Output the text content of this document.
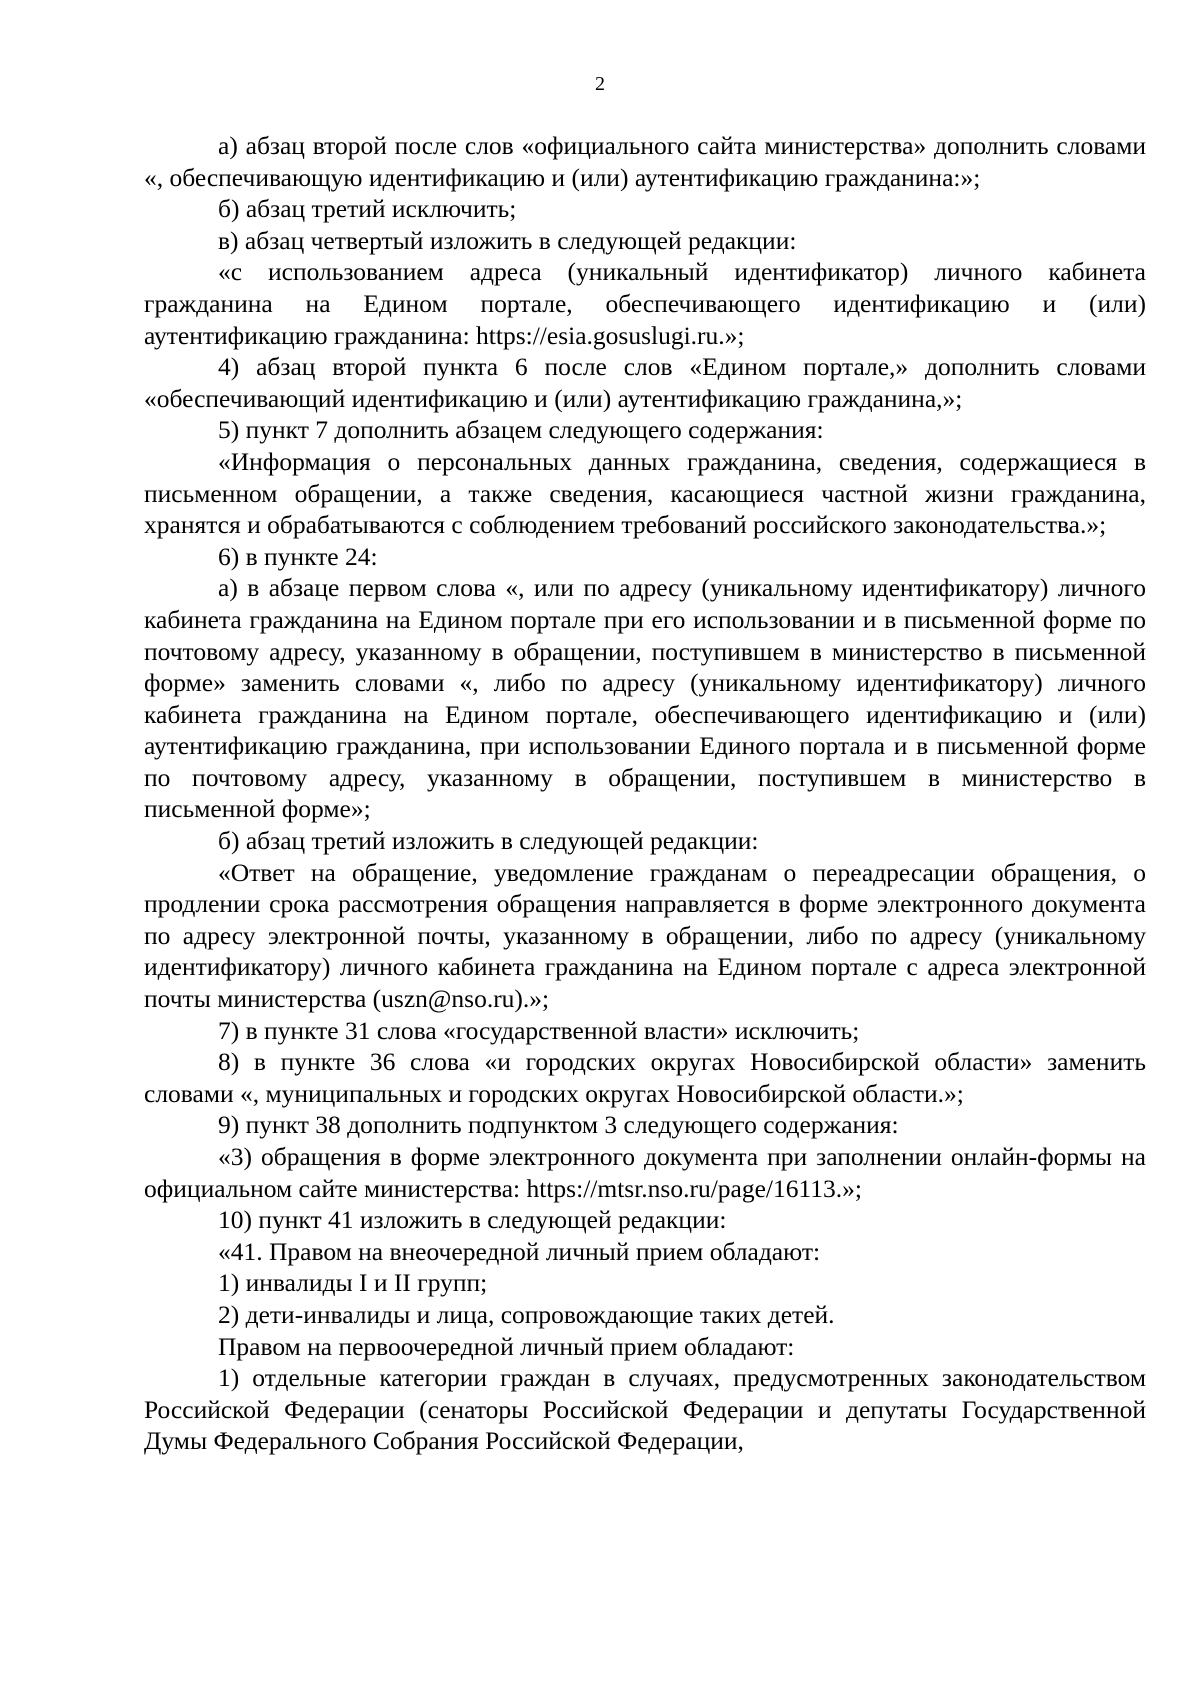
2

а) абзац второй после слов «официального сайта министерства» дополнить словами «, обеспечивающую идентификацию и (или) аутентификацию гражданина:»;

б) абзац третий исключить;

в) абзац четвертый изложить в следующей редакции:

«с использованием адреса (уникальный идентификатор) личного кабинета гражданина на Едином портале, обеспечивающего идентификацию и (или) аутентификацию гражданина: https://esia.gosuslugi.ru.»;

4) абзац второй пункта 6 после слов «Едином портале,» дополнить словами «обеспечивающий идентификацию и (или) аутентификацию гражданина,»;

5) пункт 7 дополнить абзацем следующего содержания:

«Информация о персональных данных гражданина, сведения, содержащиеся в письменном обращении, а также сведения, касающиеся частной жизни гражданина, хранятся и обрабатываются с соблюдением требований российского законодательства.»;

6) в пункте 24:

а) в абзаце первом слова «, или по адресу (уникальному идентификатору) личного кабинета гражданина на Едином портале при его использовании и в письменной форме по почтовому адресу, указанному в обращении, поступившем в министерство в письменной форме» заменить словами «, либо по адресу (уникальному идентификатору) личного кабинета гражданина на Едином портале, обеспечивающего идентификацию и (или) аутентификацию гражданина, при использовании Единого портала и в письменной форме по почтовому адресу, указанному в обращении, поступившем в министерство в письменной форме»;

б) абзац третий изложить в следующей редакции:

«Ответ на обращение, уведомление гражданам о переадресации обращения, о продлении срока рассмотрения обращения направляется в форме электронного документа по адресу электронной почты, указанному в обращении, либо по адресу (уникальному идентификатору) личного кабинета гражданина на Едином портале с адреса электронной почты министерства (uszn@nso.ru).»;

7) в пункте 31 слова «государственной власти» исключить;

8) в пункте 36 слова «и городских округах Новосибирской области» заменить словами «, муниципальных и городских округах Новосибирской области.»;

9) пункт 38 дополнить подпунктом 3 следующего содержания:

«3) обращения в форме электронного документа при заполнении онлайн-формы на официальном сайте министерства: https://mtsr.nso.ru/page/16113.»;

10) пункт 41 изложить в следующей редакции:

«41. Правом на внеочередной личный прием обладают:

1) инвалиды I и II групп;

2) дети-инвалиды и лица, сопровождающие таких детей.

Правом на первоочередной личный прием обладают:

1) отдельные категории граждан в случаях, предусмотренных законодательством Российской Федерации (сенаторы Российской Федерации и депутаты Государственной Думы Федерального Собрания Российской Федерации,
